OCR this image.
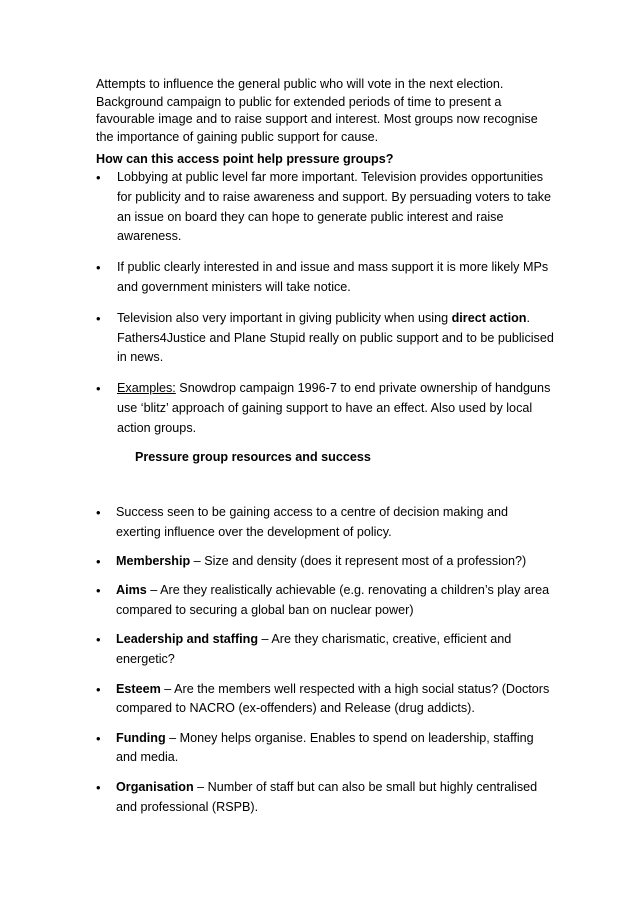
Attempts to influence the general public who will vote in the next election. Background campaign to public for extended periods of time to present a favourable image and to raise support and interest. Most groups now recognise the importance of gaining public support for cause.

How can this access point help pressure groups?

• Lobbying at public level far more important. Television provides opportunities for publicity and to raise awareness and support. By persuading voters to take an issue on board they can hope to generate public interest and raise awareness.
• If public clearly interested in and issue and mass support it is more likely MPs and government ministers will take notice.
• Television also very important in giving publicity when using direct action. Fathers4Justice and Plane Stupid really on public support and to be publicised in news.
• Examples: Snowdrop campaign 1996-7 to end private ownership of handguns use ‘blitz’ approach of gaining support to have an effect. Also used by local action groups.

Pressure group resources and success

• Success seen to be gaining access to a centre of decision making and exerting influence over the development of policy.
• Membership – Size and density (does it represent most of a profession?)
• Aims – Are they realistically achievable (e.g. renovating a children’s play area compared to securing a global ban on nuclear power)
• Leadership and staffing – Are they charismatic, creative, efficient and energetic?
• Esteem – Are the members well respected with a high social status? (Doctors compared to NACRO (ex-offenders) and Release (drug addicts).
• Funding – Money helps organise. Enables to spend on leadership, staffing and media.
• Organisation – Number of staff but can also be small but highly centralised and professional (RSPB).
